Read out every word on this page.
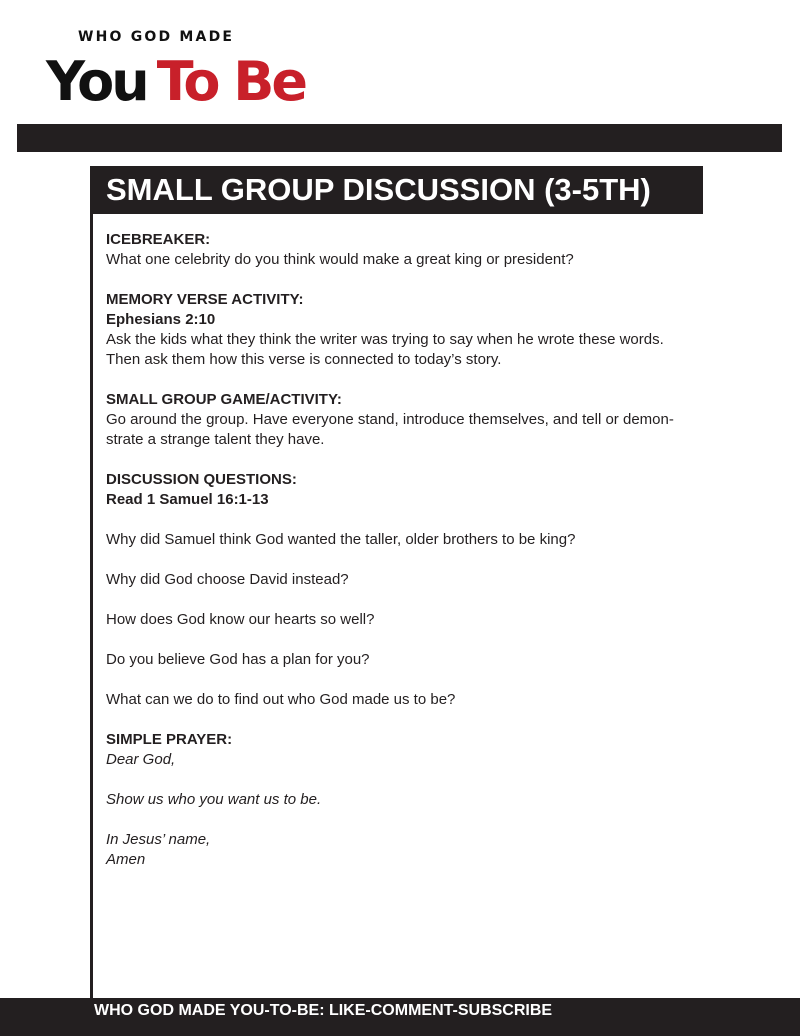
WHO GOD MADE
You To Be
SMALL GROUP DISCUSSION (3-5TH)

ICEBREAKER:

What one celebrity do you think would make a great king or president?

MEMORY VERSE ACTIVITY:

Ephesians 2:10

Ask the kids what they think the writer was trying to say when he wrote these words.

Then ask them how this verse is connected to today’s story.

SMALL GROUP GAME/ACTIVITY:

Go around the group. Have everyone stand, introduce themselves, and tell or demon-

strate a strange talent they have.

DISCUSSION QUESTIONS:

Read 1 Samuel 16:1-13

Why did Samuel think God wanted the taller, older brothers to be king?

Why did God choose David instead?

How does God know our hearts so well?

Do you believe God has a plan for you?

What can we do to find out who God made us to be?

SIMPLE PRAYER:

Dear God,

Show us who you want us to be.

In Jesus’ name,

Amen

WHO GOD MADE YOU-TO-BE: LIKE-COMMENT-SUBSCRIBE
